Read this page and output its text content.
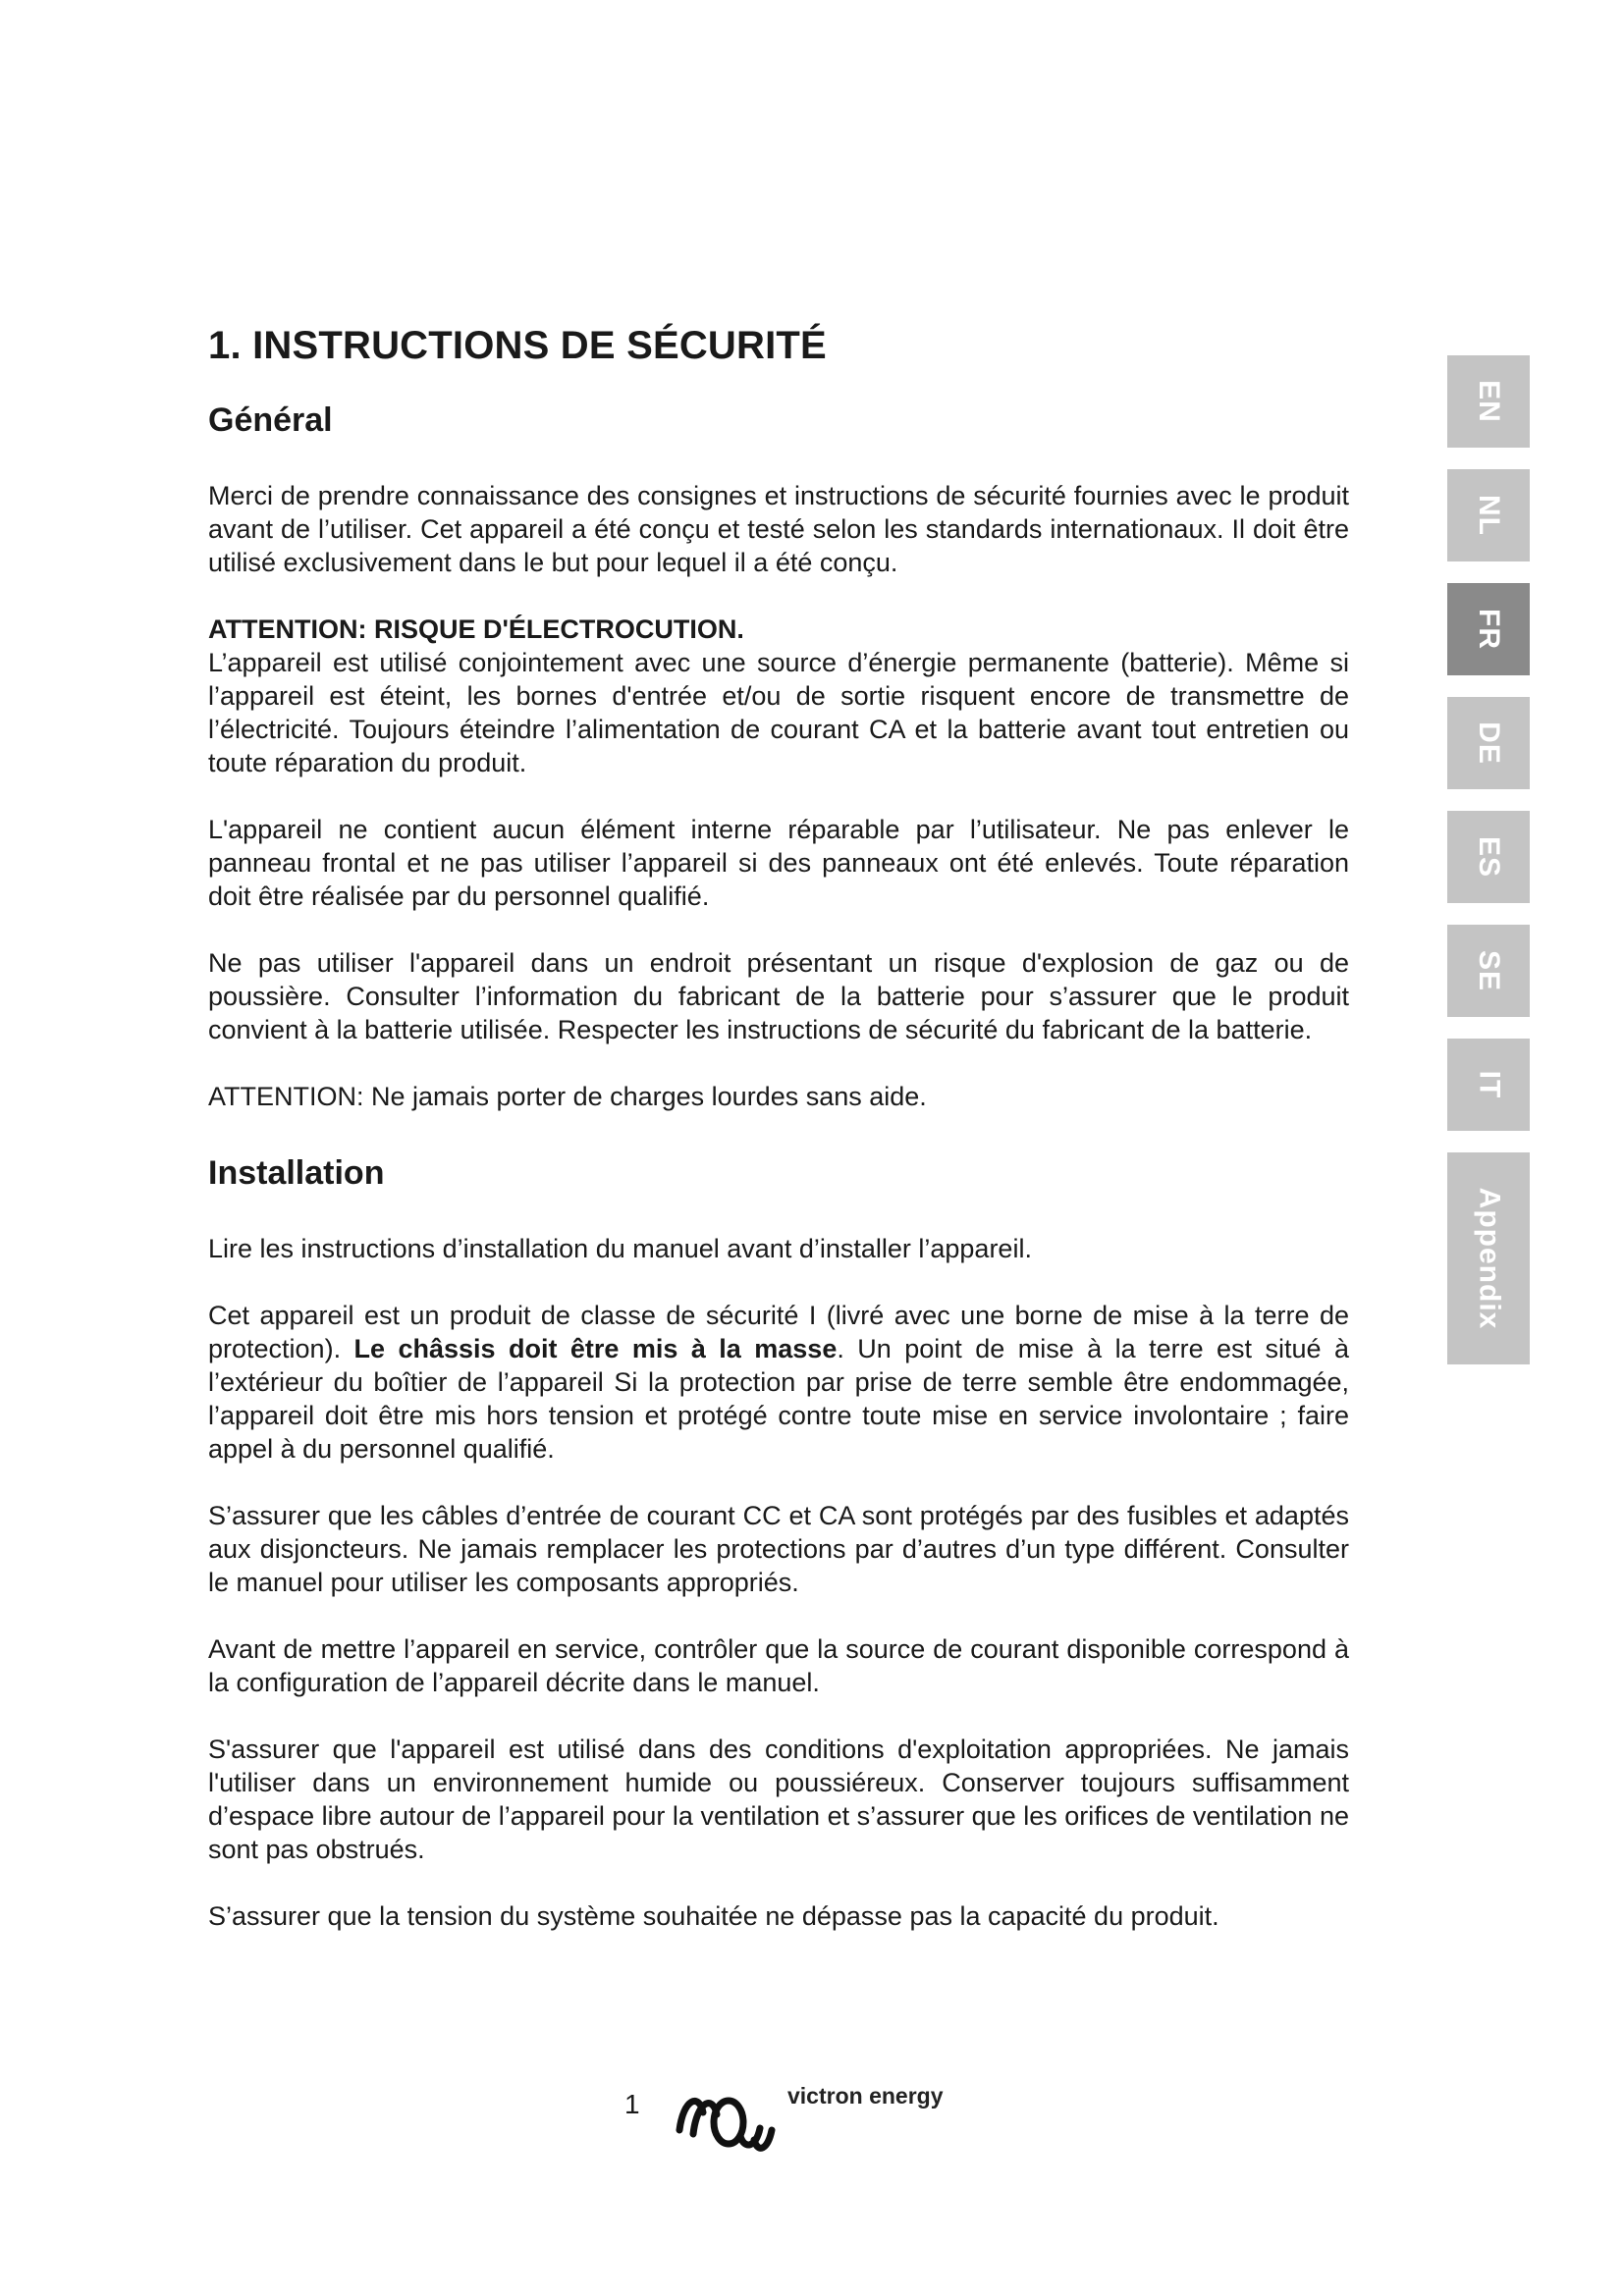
1. INSTRUCTIONS DE SÉCURITÉ
Général

Merci de prendre connaissance des consignes et instructions de sécurité fournies avec le produit avant de l’utiliser. Cet appareil a été conçu et testé selon les standards internationaux. Il doit être utilisé exclusivement dans le but pour lequel il a été conçu.

ATTENTION: RISQUE D'ÉLECTROCUTION.
L’appareil est utilisé conjointement avec une source d’énergie permanente (batterie). Même si l’appareil est éteint, les bornes d'entrée et/ou de sortie risquent encore de transmettre de l’électricité. Toujours éteindre l’alimentation de courant CA et la batterie avant tout entretien ou toute réparation du produit.

L'appareil ne contient aucun élément interne réparable par l’utilisateur. Ne pas enlever le panneau frontal et ne pas utiliser l’appareil si des panneaux ont été enlevés. Toute réparation doit être réalisée par du personnel qualifié.

Ne pas utiliser l'appareil dans un endroit présentant un risque d'explosion de gaz ou de poussière. Consulter l’information du fabricant de la batterie pour s’assurer que le produit convient à la batterie utilisée. Respecter les instructions de sécurité du fabricant de la batterie.

ATTENTION: Ne jamais porter de charges lourdes sans aide.

Installation

Lire les instructions d’installation du manuel avant d’installer l’appareil.

Cet appareil est un produit de classe de sécurité I (livré avec une borne de mise à la terre de protection). Le châssis doit être mis à la masse. Un point de mise à la terre est situé à l’extérieur du boîtier de l’appareil Si la protection par prise de terre semble être endommagée, l’appareil doit être mis hors tension et protégé contre toute mise en service involontaire ; faire appel à du personnel qualifié.

S’assurer que les câbles d’entrée de courant CC et CA sont protégés par des fusibles et adaptés aux disjoncteurs. Ne jamais remplacer les protections par d’autres d’un type différent. Consulter le manuel pour utiliser les composants appropriés.

Avant de mettre l’appareil en service, contrôler que la source de courant disponible correspond à la configuration de l’appareil décrite dans le manuel.

S'assurer que l'appareil est utilisé dans des conditions d'exploitation appropriées. Ne jamais l'utiliser dans un environnement humide ou poussiéreux. Conserver toujours suffisamment d’espace libre autour de l’appareil pour la ventilation et s’assurer que les orifices de ventilation ne sont pas obstrués.

S’assurer que la tension du système souhaitée ne dépasse pas la capacité du produit.

EN
NL
FR
DE
ES
SE
IT
Appendix
1	victron energy
